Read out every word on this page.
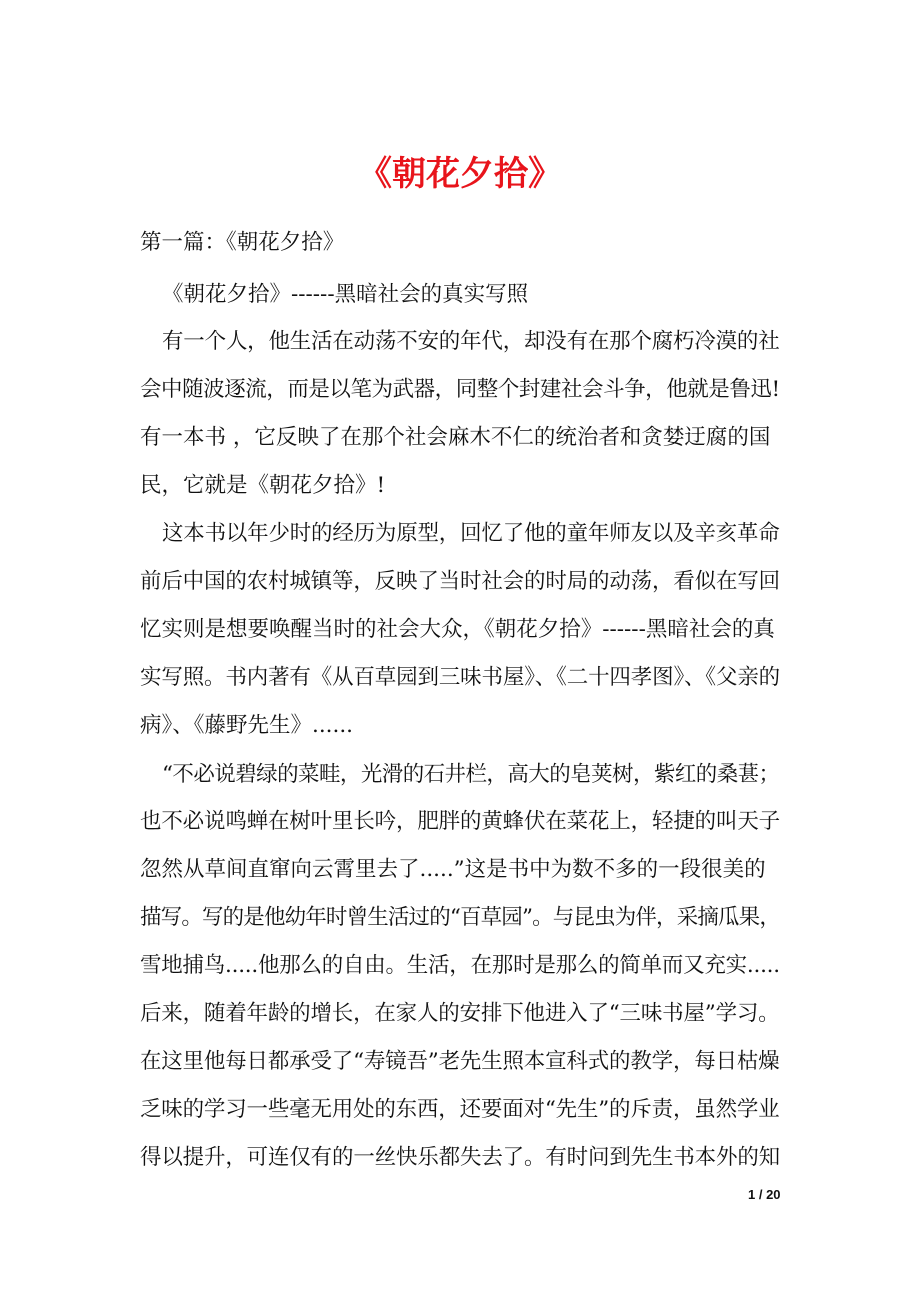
《朝花夕拾》
第一篇：《朝花夕拾》
《朝花夕拾》------黑暗社会的真实写照
有一个人，他生活在动荡不安的年代，却没有在那个腐朽冷漠的社
会中随波逐流，而是以笔为武器，同整个封建社会斗争，他就是鲁迅!
有一本书 ，它反映了在那个社会麻木不仁的统治者和贪婪迂腐的国
民，它就是《朝花夕拾》!
这本书以年少时的经历为原型，回忆了他的童年师友以及辛亥革命
前后中国的农村城镇等，反映了当时社会的时局的动荡，看似在写回
忆实则是想要唤醒当时的社会大众，《朝花夕拾》------黑暗社会的真
实写照。书内著有《从百草园到三味书屋》、《二十四孝图》、《父亲的
病》、《藤野先生》......
“不必说碧绿的菜畦，光滑的石井栏，高大的皂荚树，紫红的桑葚；
也不必说鸣蝉在树叶里长吟，肥胖的黄蜂伏在菜花上，轻捷的叫天子
忽然从草间直窜向云霄里去了.....”这是书中为数不多的一段很美的
描写。写的是他幼年时曾生活过的“百草园”。与昆虫为伴，采摘瓜果，
雪地捕鸟.....他那么的自由。生活，在那时是那么的简单而又充实.....
后来，随着年龄的增长，在家人的安排下他进入了“三味书屋”学习。
在这里他每日都承受了“寿镜吾”老先生照本宣科式的教学，每日枯燥
乏味的学习一些毫无用处的东西，还要面对“先生”的斥责，虽然学业
得以提升，可连仅有的一丝快乐都失去了。有时问到先生书本外的知
1 / 20
